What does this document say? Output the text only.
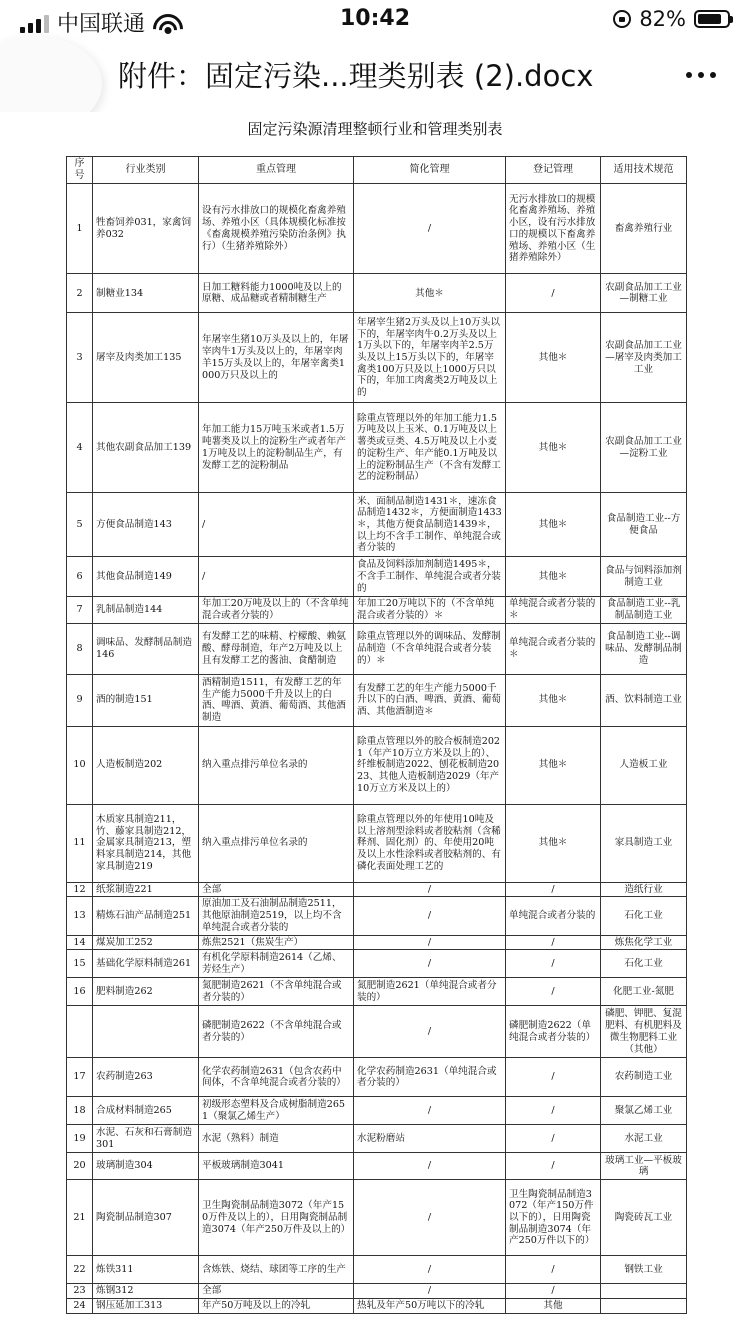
中国联通	10:42	82%
附件：固定污染...理类别表 (2).docx
固定污染源清理整顿行业和管理类别表
序号	行业类别	重点管理	简化管理	登记管理	适用技术规范
1	牲畜饲养031，家禽饲养032	设有污水排放口的规模化畜禽养殖场、养殖小区（具体规模化标准按《畜禽规模养殖污染防治条例》执行）（生猪养殖除外）	/	无污水排放口的规模化畜禽养殖场、养殖小区，设有污水排放口的规模以下畜禽养殖场、养殖小区（生猪养殖除外）	畜禽养殖行业
2	制糖业134	日加工糖料能力1000吨及以上的原糖、成品糖或者精制糖生产	其他＊	/	农副食品加工工业—制糖工业
3	屠宰及肉类加工135	年屠宰生猪10万头及以上的，年屠宰肉牛1万头及以上的，年屠宰肉羊15万头及以上的，年屠宰禽类1000万只及以上的	年屠宰生猪2万头及以上10万头以下的，年屠宰肉牛0.2万头及以上1万头以下的，年屠宰肉羊2.5万头及以上15万头以下的，年屠宰禽类100万只及以上1000万只以下的，年加工肉禽类2万吨及以上的	其他＊	农副食品加工工业—屠宰及肉类加工工业
4	其他农副食品加工139	年加工能力15万吨玉米或者1.5万吨薯类及以上的淀粉生产或者年产1万吨及以上的淀粉制品生产，有发酵工艺的淀粉制品	除重点管理以外的年加工能力1.5万吨及以上玉米、0.1万吨及以上薯类或豆类、4.5万吨及以上小麦的淀粉生产、年产能0.1万吨及以上的淀粉制品生产（不含有发酵工艺的淀粉制品）	其他＊	农副食品加工工业—淀粉工业
5	方便食品制造143	/	米、面制品制造1431＊，速冻食品制造1432＊，方便面制造1433＊，其他方便食品制造1439＊，以上均不含手工制作、单纯混合或者分装的	其他＊	食品制造工业--方便食品
6	其他食品制造149	/	食品及饲料添加剂制造1495＊，不含手工制作、单纯混合或者分装的	其他＊	食品与饲料添加剂制造工业
7	乳制品制造144	年加工20万吨及以上的（不含单纯混合或者分装的）	年加工20万吨以下的（不含单纯混合或者分装的）＊	单纯混合或者分装的＊	食品制造工业--乳制品制造工业
8	调味品、发酵制品制造146	有发酵工艺的味精、柠檬酸、赖氨酸、酵母制造，年产2万吨及以上且有发酵工艺的酱油、食醋制造	除重点管理以外的调味品、发酵制品制造（不含单纯混合或者分装的）＊	单纯混合或者分装的＊	食品制造工业--调味品、发酵制品制造
9	酒的制造151	酒精制造1511，有发酵工艺的年生产能力5000千升及以上的白酒、啤酒、黄酒、葡萄酒、其他酒制造	有发酵工艺的年生产能力5000千升以下的白酒、啤酒、黄酒、葡萄酒、其他酒制造＊	其他＊	酒、饮料制造工业
10	人造板制造202	纳入重点排污单位名录的	除重点管理以外的胶合板制造2021（年产10万立方米及以上的）、纤维板制造2022、刨花板制造2023、其他人造板制造2029（年产10万立方米及以上的）	其他＊	人造板工业
11	木质家具制造211，竹、藤家具制造212，金属家具制造213，塑料家具制造214，其他家具制造219	纳入重点排污单位名录的	除重点管理以外的年使用10吨及以上溶剂型涂料或者胶粘剂（含稀释剂、固化剂）的、年使用20吨及以上水性涂料或者胶粘剂的、有磷化表面处理工艺的	其他＊	家具制造工业
12	纸浆制造221	全部	/	/	造纸行业
13	精炼石油产品制造251	原油加工及石油制品制造2511，其他原油制造2519，以上均不含单纯混合或者分装的	/	单纯混合或者分装的	石化工业
14	煤炭加工252	炼焦2521（焦炭生产）	/	/	炼焦化学工业
15	基础化学原料制造261	有机化学原料制造2614（乙烯、芳烃生产）	/	/	石化工业
16	肥料制造262	氮肥制造2621（不含单纯混合或者分装的）	氮肥制造2621（单纯混合或者分装的）	/	化肥工业-氮肥
		磷肥制造2622（不含单纯混合或者分装的）	/	磷肥制造2622（单纯混合或者分装的）	磷肥、钾肥、复混肥料、有机肥料及微生物肥料工业（其他）
17	农药制造263	化学农药制造2631（包含农药中间体，不含单纯混合或者分装的）	化学农药制造2631（单纯混合或者分装的）	/	农药制造工业
18	合成材料制造265	初级形态塑料及合成树脂制造2651（聚氯乙烯生产）	/	/	聚氯乙烯工业
19	水泥、石灰和石膏制造301	水泥（熟料）制造	水泥粉磨站	/	水泥工业
20	玻璃制造304	平板玻璃制造3041	/	/	玻璃工业—平板玻璃
21	陶瓷制品制造307	卫生陶瓷制品制造3072（年产150万件及以上的），日用陶瓷制品制造3074（年产250万件及以上的）	/	卫生陶瓷制品制造3072（年产150万件以下的），日用陶瓷制品制造3074（年产250万件以下的）	陶瓷砖瓦工业
22	炼铁311	含炼铁、烧结、球团等工序的生产	/	/	钢铁工业
23	炼钢312	全部	/	/	
24	钢压延加工313	年产50万吨及以上的冷轧	热轧及年产50万吨以下的冷轧	其他	
